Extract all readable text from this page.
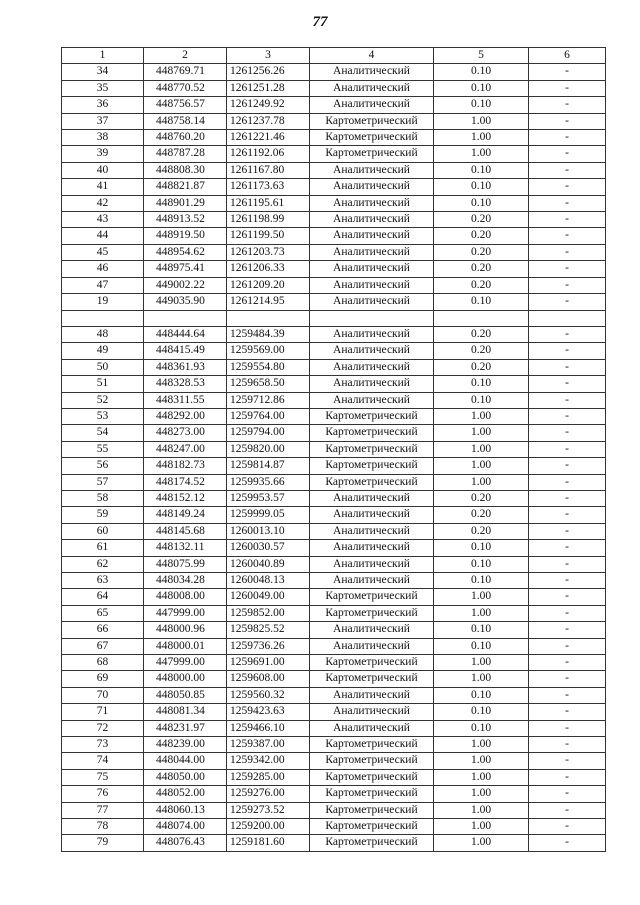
77
1	2	3	4	5	6
34	448769.71	1261256.26	Аналитический	0.10	-
35	448770.52	1261251.28	Аналитический	0.10	-
36	448756.57	1261249.92	Аналитический	0.10	-
37	448758.14	1261237.78	Картометрический	1.00	-
38	448760.20	1261221.46	Картометрический	1.00	-
39	448787.28	1261192.06	Картометрический	1.00	-
40	448808.30	1261167.80	Аналитический	0.10	-
41	448821.87	1261173.63	Аналитический	0.10	-
42	448901.29	1261195.61	Аналитический	0.10	-
43	448913.52	1261198.99	Аналитический	0.20	-
44	448919.50	1261199.50	Аналитический	0.20	-
45	448954.62	1261203.73	Аналитический	0.20	-
46	448975.41	1261206.33	Аналитический	0.20	-
47	449002.22	1261209.20	Аналитический	0.20	-
19	449035.90	1261214.95	Аналитический	0.10	-

48	448444.64	1259484.39	Аналитический	0.20	-
49	448415.49	1259569.00	Аналитический	0.20	-
50	448361.93	1259554.80	Аналитический	0.20	-
51	448328.53	1259658.50	Аналитический	0.10	-
52	448311.55	1259712.86	Аналитический	0.10	-
53	448292.00	1259764.00	Картометрический	1.00	-
54	448273.00	1259794.00	Картометрический	1.00	-
55	448247.00	1259820.00	Картометрический	1.00	-
56	448182.73	1259814.87	Картометрический	1.00	-
57	448174.52	1259935.66	Картометрический	1.00	-
58	448152.12	1259953.57	Аналитический	0.20	-
59	448149.24	1259999.05	Аналитический	0.20	-
60	448145.68	1260013.10	Аналитический	0.20	-
61	448132.11	1260030.57	Аналитический	0.10	-
62	448075.99	1260040.89	Аналитический	0.10	-
63	448034.28	1260048.13	Аналитический	0.10	-
64	448008.00	1260049.00	Картометрический	1.00	-
65	447999.00	1259852.00	Картометрический	1.00	-
66	448000.96	1259825.52	Аналитический	0.10	-
67	448000.01	1259736.26	Аналитический	0.10	-
68	447999.00	1259691.00	Картометрический	1.00	-
69	448000.00	1259608.00	Картометрический	1.00	-
70	448050.85	1259560.32	Аналитический	0.10	-
71	448081.34	1259423.63	Аналитический	0.10	-
72	448231.97	1259466.10	Аналитический	0.10	-
73	448239.00	1259387.00	Картометрический	1.00	-
74	448044.00	1259342.00	Картометрический	1.00	-
75	448050.00	1259285.00	Картометрический	1.00	-
76	448052.00	1259276.00	Картометрический	1.00	-
77	448060.13	1259273.52	Картометрический	1.00	-
78	448074.00	1259200.00	Картометрический	1.00	-
79	448076.43	1259181.60	Картометрический	1.00	-
